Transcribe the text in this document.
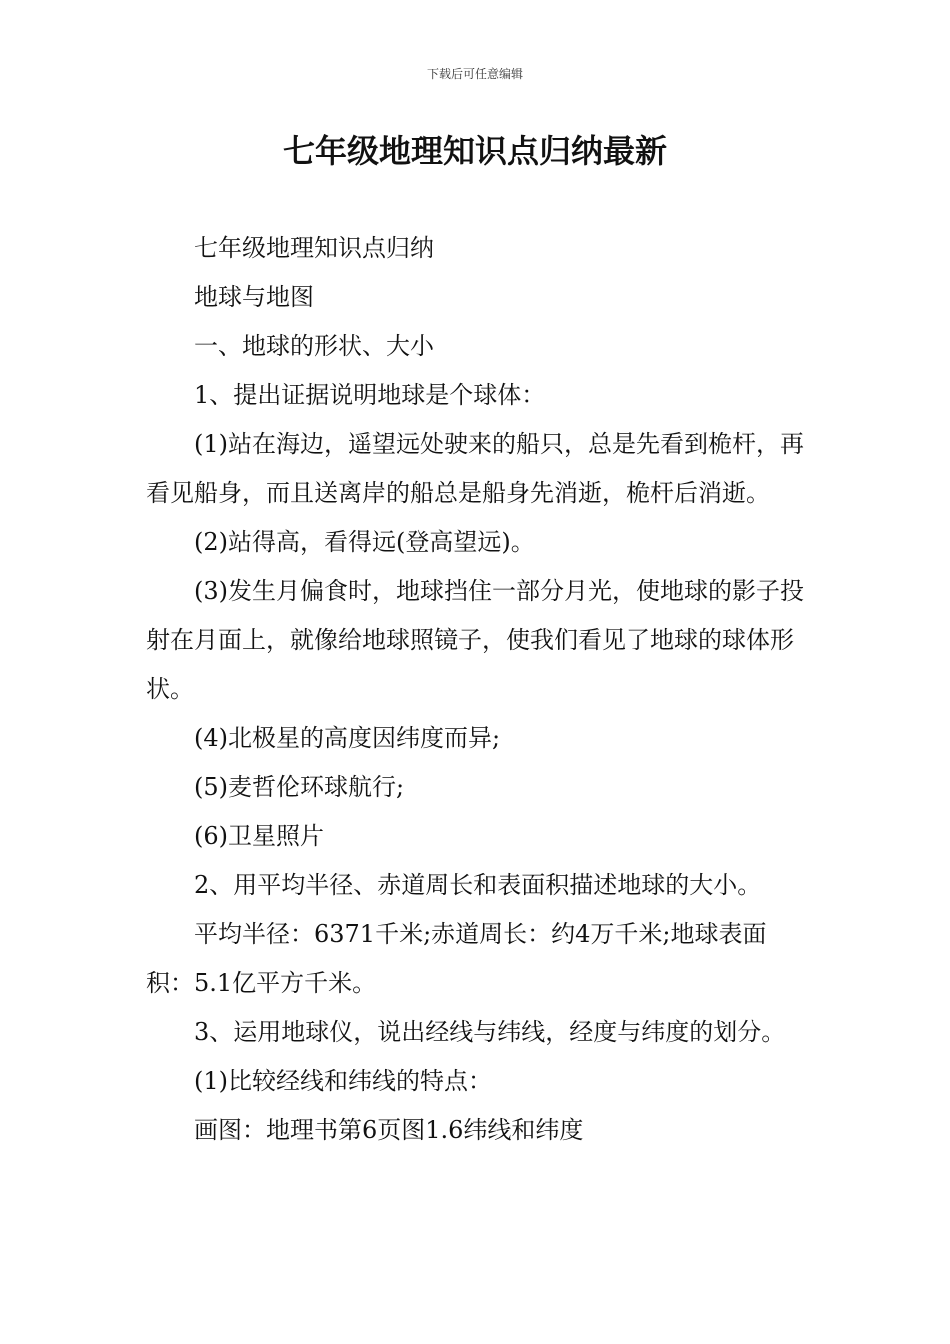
下载后可任意编辑
七年级地理知识点归纳最新

七年级地理知识点归纳

地球与地图

一、地球的形状、大小

1、提出证据说明地球是个球体：

(1)站在海边，遥望远处驶来的船只，总是先看到桅杆，再看见船身，而且送离岸的船总是船身先消逝，桅杆后消逝。

(2)站得高，看得远(登高望远)。

(3)发生月偏食时，地球挡住一部分月光，使地球的影子投射在月面上，就像给地球照镜子，使我们看见了地球的球体形状。

(4)北极星的高度因纬度而异;

(5)麦哲伦环球航行;

(6)卫星照片

2、用平均半径、赤道周长和表面积描述地球的大小。

平均半径：6371千米;赤道周长：约4万千米;地球表面积：5.1亿平方千米。

3、运用地球仪，说出经线与纬线，经度与纬度的划分。

(1)比较经线和纬线的特点：

画图：地理书第6页图1.6纬线和纬度
